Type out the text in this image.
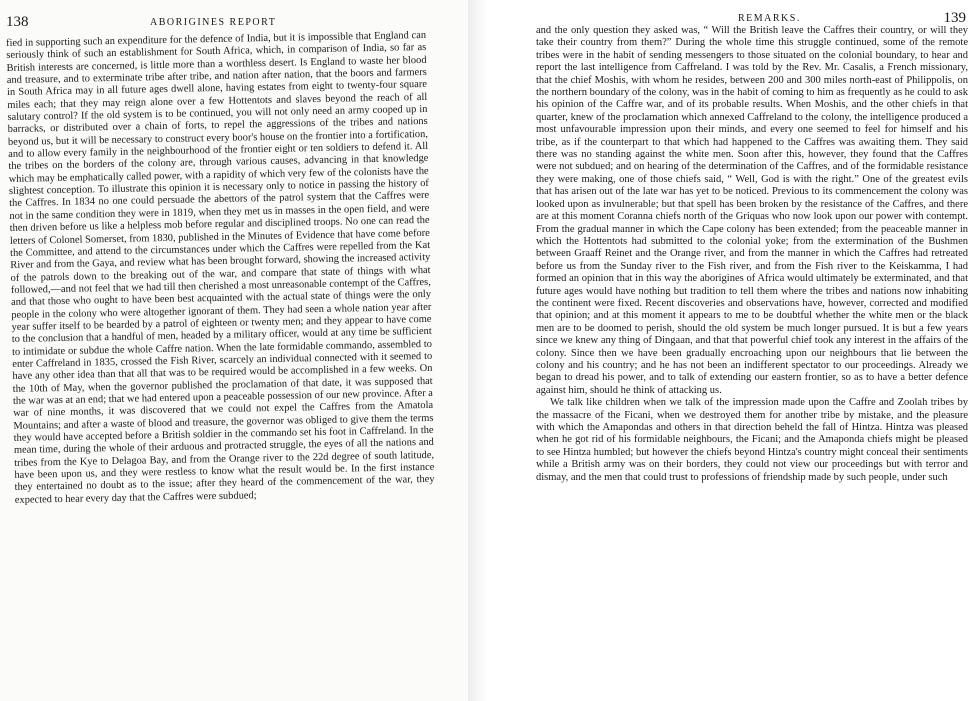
138	ABORIGINES REPORT

fied in supporting such an expenditure for the defence of India, but it is impossible that England can seriously think of such an establishment for South Africa, which, in comparison of India, so far as British interests are concerned, is little more than a worthless desert. Is England to waste her blood and treasure, and to exterminate tribe after tribe, and nation after nation, that the boors and farmers in South Africa may in all future ages dwell alone, having estates from eight to twenty-four square miles each; that they may reign alone over a few Hottentots and slaves beyond the reach of all salutary control? If the old system is to be continued, you will not only need an army cooped up in barracks, or distributed over a chain of forts, to repel the aggressions of the tribes and nations beyond us, but it will be necessary to construct every boor's house on the frontier into a fortification, and to allow every family in the neighbourhood of the frontier eight or ten soldiers to defend it. All the tribes on the borders of the colony are, through various causes, advancing in that knowledge which may be emphatically called power, with a rapidity of which very few of the colonists have the slightest conception. To illustrate this opinion it is necessary only to notice in passing the history of the Caffres. In 1834 no one could persuade the abettors of the patrol system that the Caffres were not in the same condition they were in 1819, when they met us in masses in the open field, and were then driven before us like a helpless mob before regular and disciplined troops. No one can read the letters of Colonel Somerset, from 1830, published in the Minutes of Evidence that have come before the Committee, and attend to the circumstances under which the Caffres were repelled from the Kat River and from the Gaya, and review what has been brought forward, showing the increased activity of the patrols down to the breaking out of the war, and compare that state of things with what followed,—and not feel that we had till then cherished a most unreasonable contempt of the Caffres, and that those who ought to have been best acquainted with the actual state of things were the only people in the colony who were altogether ignorant of them. They had seen a whole nation year after year suffer itself to be bearded by a patrol of eighteen or twenty men; and they appear to have come to the conclusion that a handful of men, headed by a military officer, would at any time be sufficient to intimidate or subdue the whole Caffre nation. When the late formidable commando, assembled to enter Caffreland in 1835, crossed the Fish River, scarcely an individual connected with it seemed to have any other idea than that all that was to be required would be accomplished in a few weeks. On the 10th of May, when the governor published the proclamation of that date, it was supposed that the war was at an end; that we had entered upon a peaceable possession of our new province. After a war of nine months, it was discovered that we could not expel the Caffres from the Amatola Mountains; and after a waste of blood and treasure, the governor was obliged to give them the terms they would have accepted before a British soldier in the commando set his foot in Caffreland. In the mean time, during the whole of their arduous and protracted struggle, the eyes of all the nations and tribes from the Kye to Delagoa Bay, and from the Orange river to the 22d degree of south latitude, have been upon us, and they were restless to know what the result would be. In the first instance they entertained no doubt as to the issue; after they heard of the commencement of the war, they expected to hear every day that the Caffres were subdued;

REMARKS.	139

and the only question they asked was, “ Will the British leave the Caffres their country, or will they take their country from them?” During the whole time this struggle continued, some of the remote tribes were in the habit of sending messengers to those situated on the colonial boundary, to hear and report the last intelligence from Caffreland. I was told by the Rev. Mr. Casalis, a French missionary, that the chief Moshis, with whom he resides, between 200 and 300 miles north-east of Philippolis, on the northern boundary of the colony, was in the habit of coming to him as frequently as he could to ask his opinion of the Caffre war, and of its probable results. When Moshis, and the other chiefs in that quarter, knew of the proclamation which annexed Caffreland to the colony, the intelligence produced a most unfavourable impression upon their minds, and every one seemed to feel for himself and his tribe, as if the counterpart to that which had happened to the Caffres was awaiting them. They said there was no standing against the white men. Soon after this, however, they found that the Caffres were not subdued; and on hearing of the determination of the Caffres, and of the formidable resistance they were making, one of those chiefs said, “ Well, God is with the right.” One of the greatest evils that has arisen out of the late war has yet to be noticed. Previous to its commencement the colony was looked upon as invulnerable; but that spell has been broken by the resistance of the Caffres, and there are at this moment Coranna chiefs north of the Griquas who now look upon our power with contempt. From the gradual manner in which the Cape colony has been extended; from the peaceable manner in which the Hottentots had submitted to the colonial yoke; from the extermination of the Bushmen between Graaff Reinet and the Orange river, and from the manner in which the Caffres had retreated before us from the Sunday river to the Fish river, and from the Fish river to the Keiskamma, I had formed an opinion that in this way the aborigines of Africa would ultimately be exterminated, and that future ages would have nothing but tradition to tell them where the tribes and nations now inhabiting the continent were fixed. Recent discoveries and observations have, however, corrected and modified that opinion; and at this moment it appears to me to be doubtful whether the white men or the black men are to be doomed to perish, should the old system be much longer pursued. It is but a few years since we knew any thing of Dingaan, and that that powerful chief took any interest in the affairs of the colony. Since then we have been gradually encroaching upon our neighbours that lie between the colony and his country; and he has not been an indifferent spectator to our proceedings. Already we began to dread his power, and to talk of extending our eastern frontier, so as to have a better defence against him, should he think of attacking us.

We talk like children when we talk of the impression made upon the Caffre and Zoolah tribes by the massacre of the Ficani, when we destroyed them for another tribe by mistake, and the pleasure with which the Amapondas and others in that direction beheld the fall of Hintza. Hintza was pleased when he got rid of his formidable neighbours, the Ficani; and the Amaponda chiefs might be pleased to see Hintza humbled; but however the chiefs beyond Hintza's country might conceal their sentiments while a British army was on their borders, they could not view our proceedings but with terror and dismay, and the men that could trust to professions of friendship made by such people, under such
